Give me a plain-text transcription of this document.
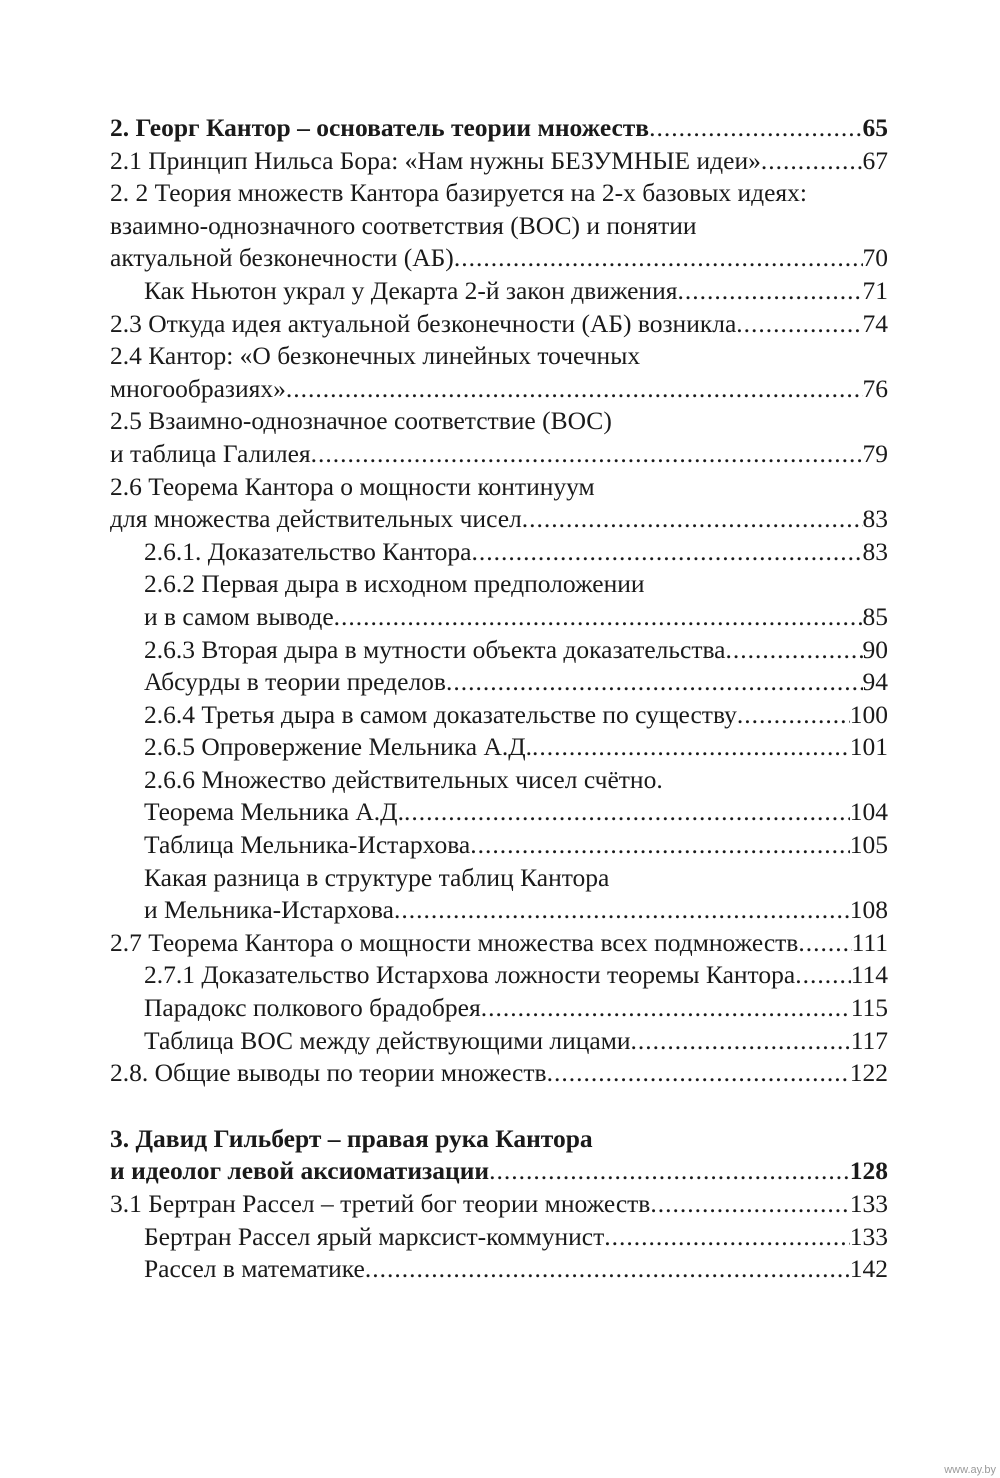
2. Георг Кантор – основатель теории множеств .....	65
2.1 Принцип Нильса Бора: «Нам нужны БЕЗУМНЫЕ идеи» .....	67
2. 2 Теория множеств Кантора базируется на 2-х базовых идеях:
взаимно-однозначного соответствия (ВОС) и понятии
актуальной безконечности (АБ) .....	70
Как Ньютон украл у Декарта 2-й закон движения .....	71
2.3 Откуда идея актуальной безконечности (АБ) возникла .....	74
2.4 Кантор: «О безконечных линейных точечных
многообразиях» .....	76
2.5 Взаимно-однозначное соответствие (ВОС)
и таблица Галилея .....	79
2.6 Теорема Кантора о мощности континуум
для множества действительных чисел .....	83
2.6.1. Доказательство Кантора .....	83
2.6.2 Первая дыра в исходном предположении
и в самом выводе .....	85
2.6.3 Вторая дыра в мутности объекта доказательства .....	90
Абсурды в теории пределов .....	94
2.6.4 Третья дыра в самом доказательстве по существу .....	100
2.6.5 Опровержение Мельника А.Д. .....	101
2.6.6 Множество действительных чисел счётно.
Теорема Мельника А.Д. .....	104
Таблица Мельника-Истархова .....	105
Какая разница в структуре таблиц Кантора
и Мельника-Истархова .....	108
2.7 Теорема Кантора о мощности множества всех подмножеств ..... 111
2.7.1 Доказательство Истархова ложности теоремы Кантора ..... 114
Парадокс полкового брадобрея .....	115
Таблица ВОС между действующими лицами .....	117
2.8. Общие выводы по теории множеств .....	122
3. Давид Гильберт – правая рука Кантора
и идеолог левой аксиоматизации .....	128
3.1 Бертран Рассел – третий бог теории множеств .....	133
Бертран Рассел ярый марксист-коммунист .....	133
Рассел в математике .....	142
www.ay.by
